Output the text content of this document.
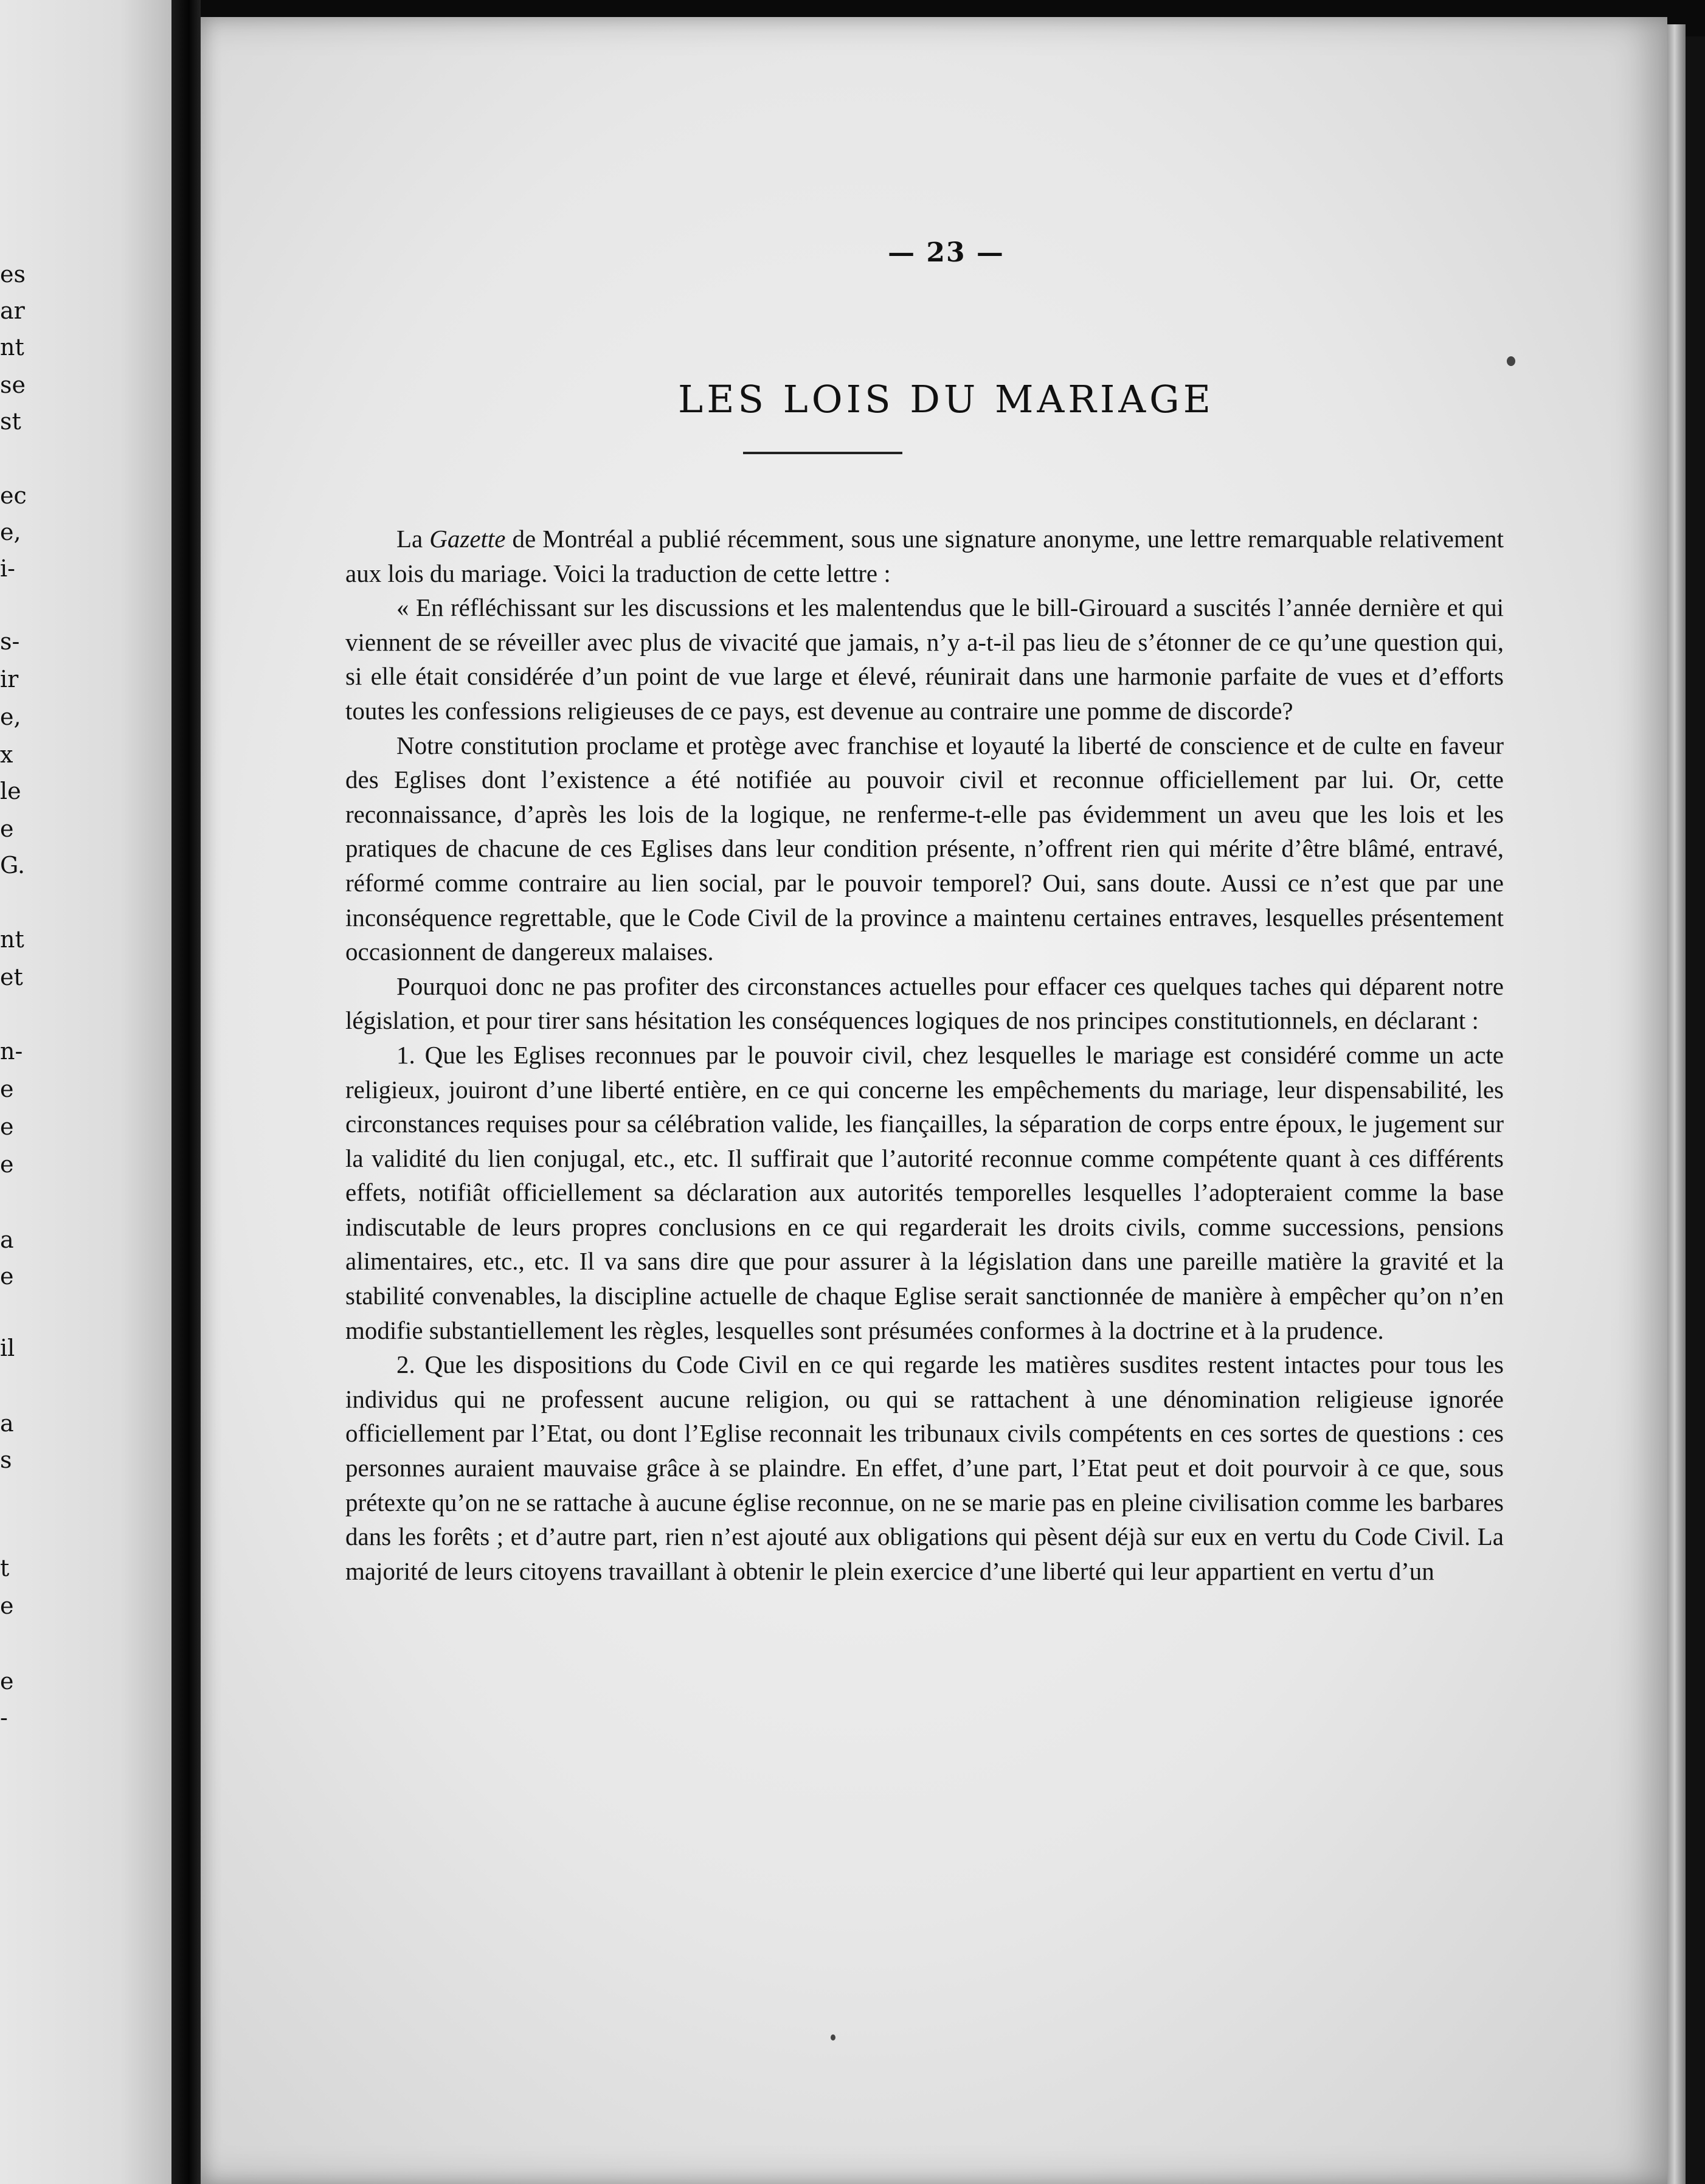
es
ar
nt
se
st
ec
e,
i-
s-
ir
e,
x
le
e
G.
nt
et
n-
e
e
e
a
e
il
a
s
t
e
e
-
— 23 —
LES LOIS DU MARIAGE

La Gazette de Montréal a publié récemment, sous une signature anonyme, une lettre remarquable relativement aux lois du mariage. Voici la traduction de cette lettre :

« En réfléchissant sur les discussions et les malentendus que le bill-Girouard a suscités l’année dernière et qui viennent de se réveiller avec plus de vivacité que jamais, n’y a-t-il pas lieu de s’étonner de ce qu’une question qui, si elle était considérée d’un point de vue large et élevé, réunirait dans une harmonie parfaite de vues et d’efforts toutes les confessions religieuses de ce pays, est devenue au contraire une pomme de discorde?

Notre constitution proclame et protège avec franchise et loyauté la liberté de conscience et de culte en faveur des Eglises dont l’existence a été notifiée au pouvoir civil et reconnue officiellement par lui. Or, cette reconnaissance, d’après les lois de la logique, ne renferme-t-elle pas évidemment un aveu que les lois et les pratiques de chacune de ces Eglises dans leur condition présente, n’offrent rien qui mérite d’être blâmé, entravé, réformé comme contraire au lien social, par le pouvoir temporel? Oui, sans doute. Aussi ce n’est que par une inconséquence regrettable, que le Code Civil de la province a maintenu certaines entraves, lesquelles présentement occasionnent de dangereux malaises.

Pourquoi donc ne pas profiter des circonstances actuelles pour effacer ces quelques taches qui déparent notre législation, et pour tirer sans hésitation les conséquences logiques de nos principes constitutionnels, en déclarant :

1. Que les Eglises reconnues par le pouvoir civil, chez lesquelles le mariage est considéré comme un acte religieux, jouiront d’une liberté entière, en ce qui concerne les empêchements du mariage, leur dispensabilité, les circonstances requises pour sa célébration valide, les fiançailles, la séparation de corps entre époux, le jugement sur la validité du lien conjugal, etc., etc. Il suffirait que l’autorité reconnue comme compétente quant à ces différents effets, notifiât officiellement sa déclaration aux autorités temporelles lesquelles l’adopteraient comme la base indiscutable de leurs propres conclusions en ce qui regarderait les droits civils, comme successions, pensions alimentaires, etc., etc. Il va sans dire que pour assurer à la législation dans une pareille matière la gravité et la stabilité convenables, la discipline actuelle de chaque Eglise serait sanctionnée de manière à empêcher qu’on n’en modifie substantiellement les règles, lesquelles sont présumées conformes à la doctrine et à la prudence.

2. Que les dispositions du Code Civil en ce qui regarde les matières susdites restent intactes pour tous les individus qui ne professent aucune religion, ou qui se rattachent à une dénomination religieuse ignorée officiellement par l’Etat, ou dont l’Eglise reconnait les tribunaux civils compétents en ces sortes de questions : ces personnes auraient mauvaise grâce à se plaindre. En effet, d’une part, l’Etat peut et doit pourvoir à ce que, sous prétexte qu’on ne se rattache à aucune église reconnue, on ne se marie pas en pleine civilisation comme les barbares dans les forêts ; et d’autre part, rien n’est ajouté aux obligations qui pèsent déjà sur eux en vertu du Code Civil. La majorité de leurs citoyens travaillant à obtenir le plein exercice d’une liberté qui leur appartient en vertu d’un
